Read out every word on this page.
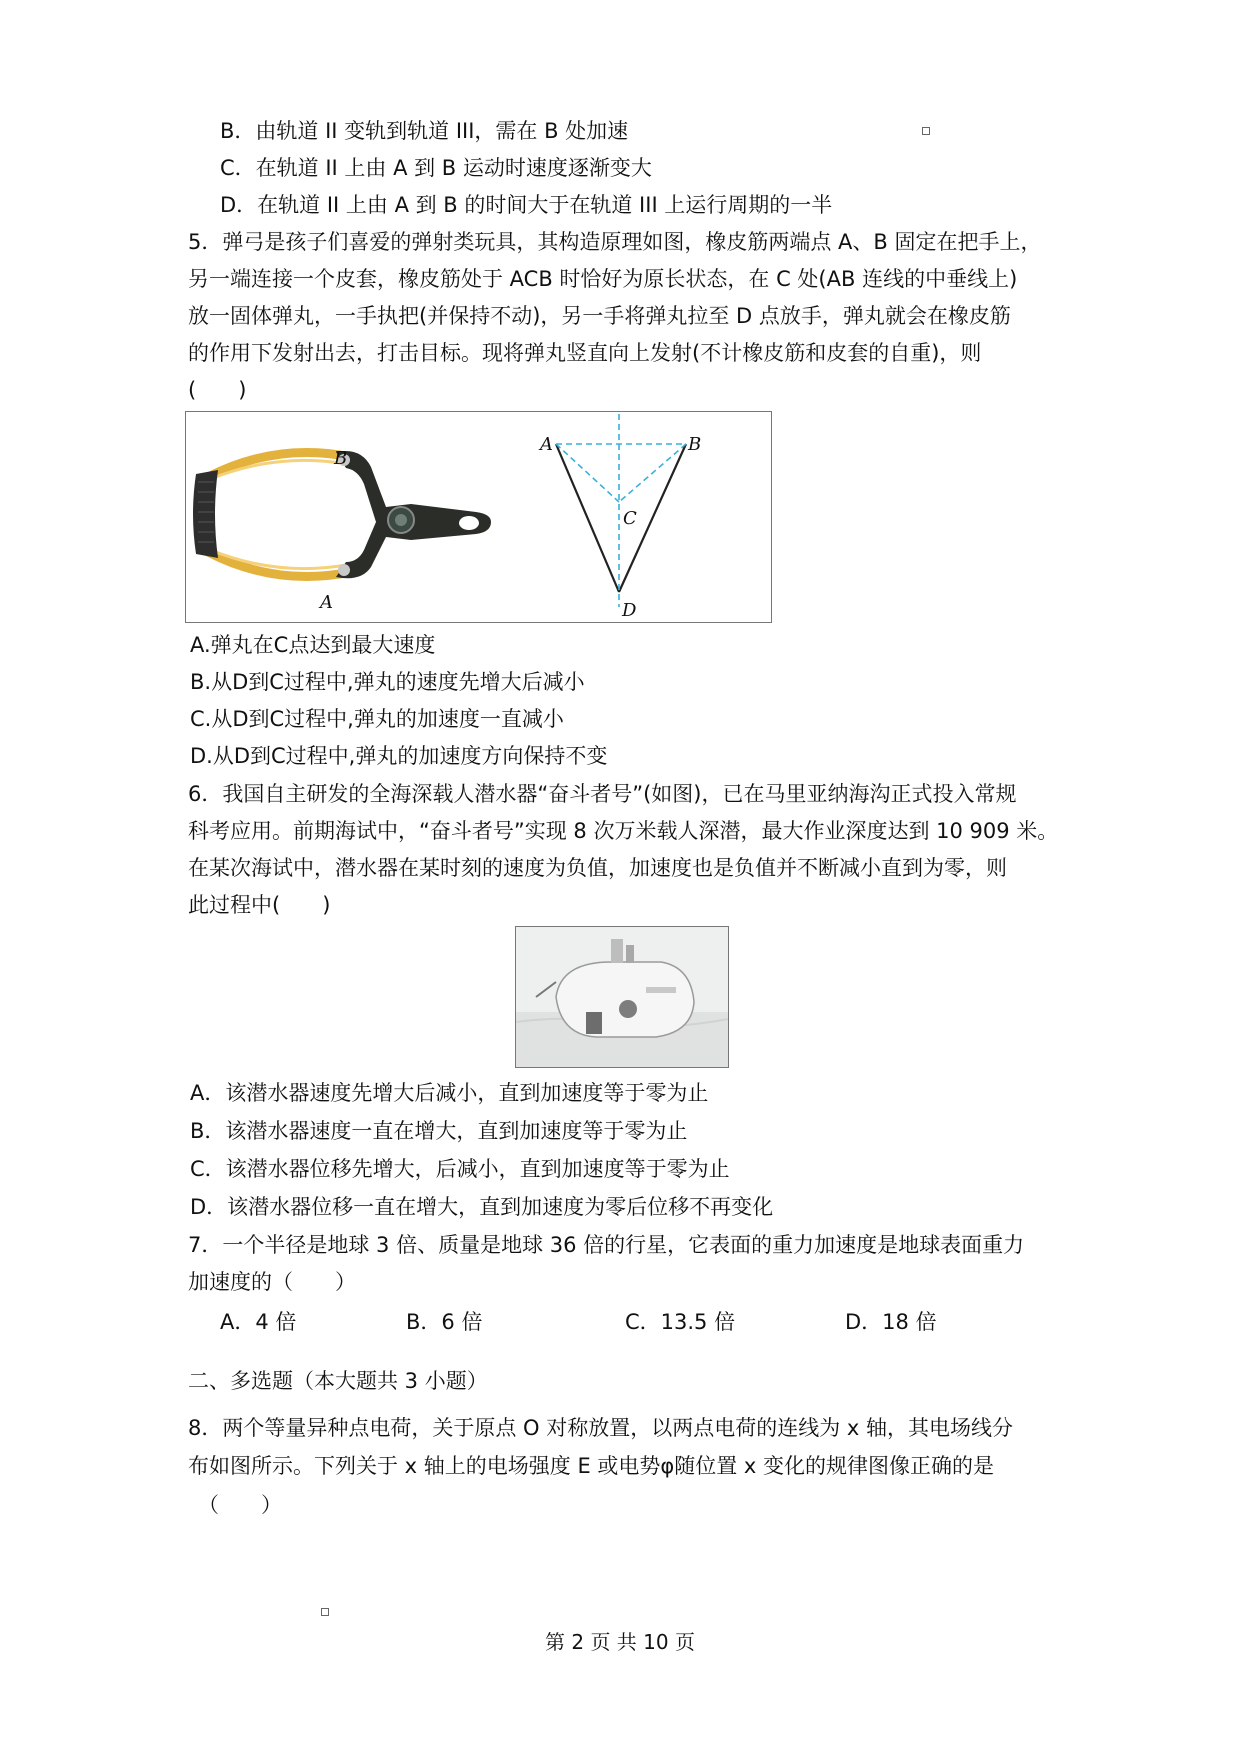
B．由轨道 II 变轨到轨道 III，需在 B 处加速
C．在轨道 II 上由 A 到 B 运动时速度逐渐变大
D．在轨道 II 上由 A 到 B 的时间大于在轨道 III 上运行周期的一半
5．弹弓是孩子们喜爱的弹射类玩具，其构造原理如图，橡皮筋两端点 A、B 固定在把手上，
另一端连接一个皮套，橡皮筋处于 ACB 时恰好为原长状态，在 C 处(AB 连线的中垂线上)
放一固体弹丸，一手执把(并保持不动)，另一手将弹丸拉至 D 点放手，弹丸就会在橡皮筋
的作用下发射出去，打击目标。现将弹丸竖直向上发射(不计橡皮筋和皮套的自重)，则
(　　)
B
A
A	B
C
D
A.弹丸在C点达到最大速度
B.从D到C过程中,弹丸的速度先增大后减小
C.从D到C过程中,弹丸的加速度一直减小
D.从D到C过程中,弹丸的加速度方向保持不变
6．我国自主研发的全海深载人潜水器“奋斗者号”(如图)，已在马里亚纳海沟正式投入常规
科考应用。前期海试中，“奋斗者号”实现 8 次万米载人深潜，最大作业深度达到 10 909 米。
在某次海试中，潜水器在某时刻的速度为负值，加速度也是负值并不断减小直到为零，则
此过程中(　　)
A．该潜水器速度先增大后减小，直到加速度等于零为止
B．该潜水器速度一直在增大，直到加速度等于零为止
C．该潜水器位移先增大，后减小，直到加速度等于零为止
D．该潜水器位移一直在增大，直到加速度为零后位移不再变化
7．一个半径是地球 3 倍、质量是地球 36 倍的行星，它表面的重力加速度是地球表面重力
加速度的（　　）
A．4 倍	B．6 倍	C．13.5 倍	D．18 倍
二、多选题（本大题共 3 小题）
8．两个等量异种点电荷，关于原点 O 对称放置，以两点电荷的连线为 x 轴，其电场线分
布如图所示。下列关于 x 轴上的电场强度 E 或电势φ随位置 x 变化的规律图像正确的是
（　　）
第 2 页 共 10 页
